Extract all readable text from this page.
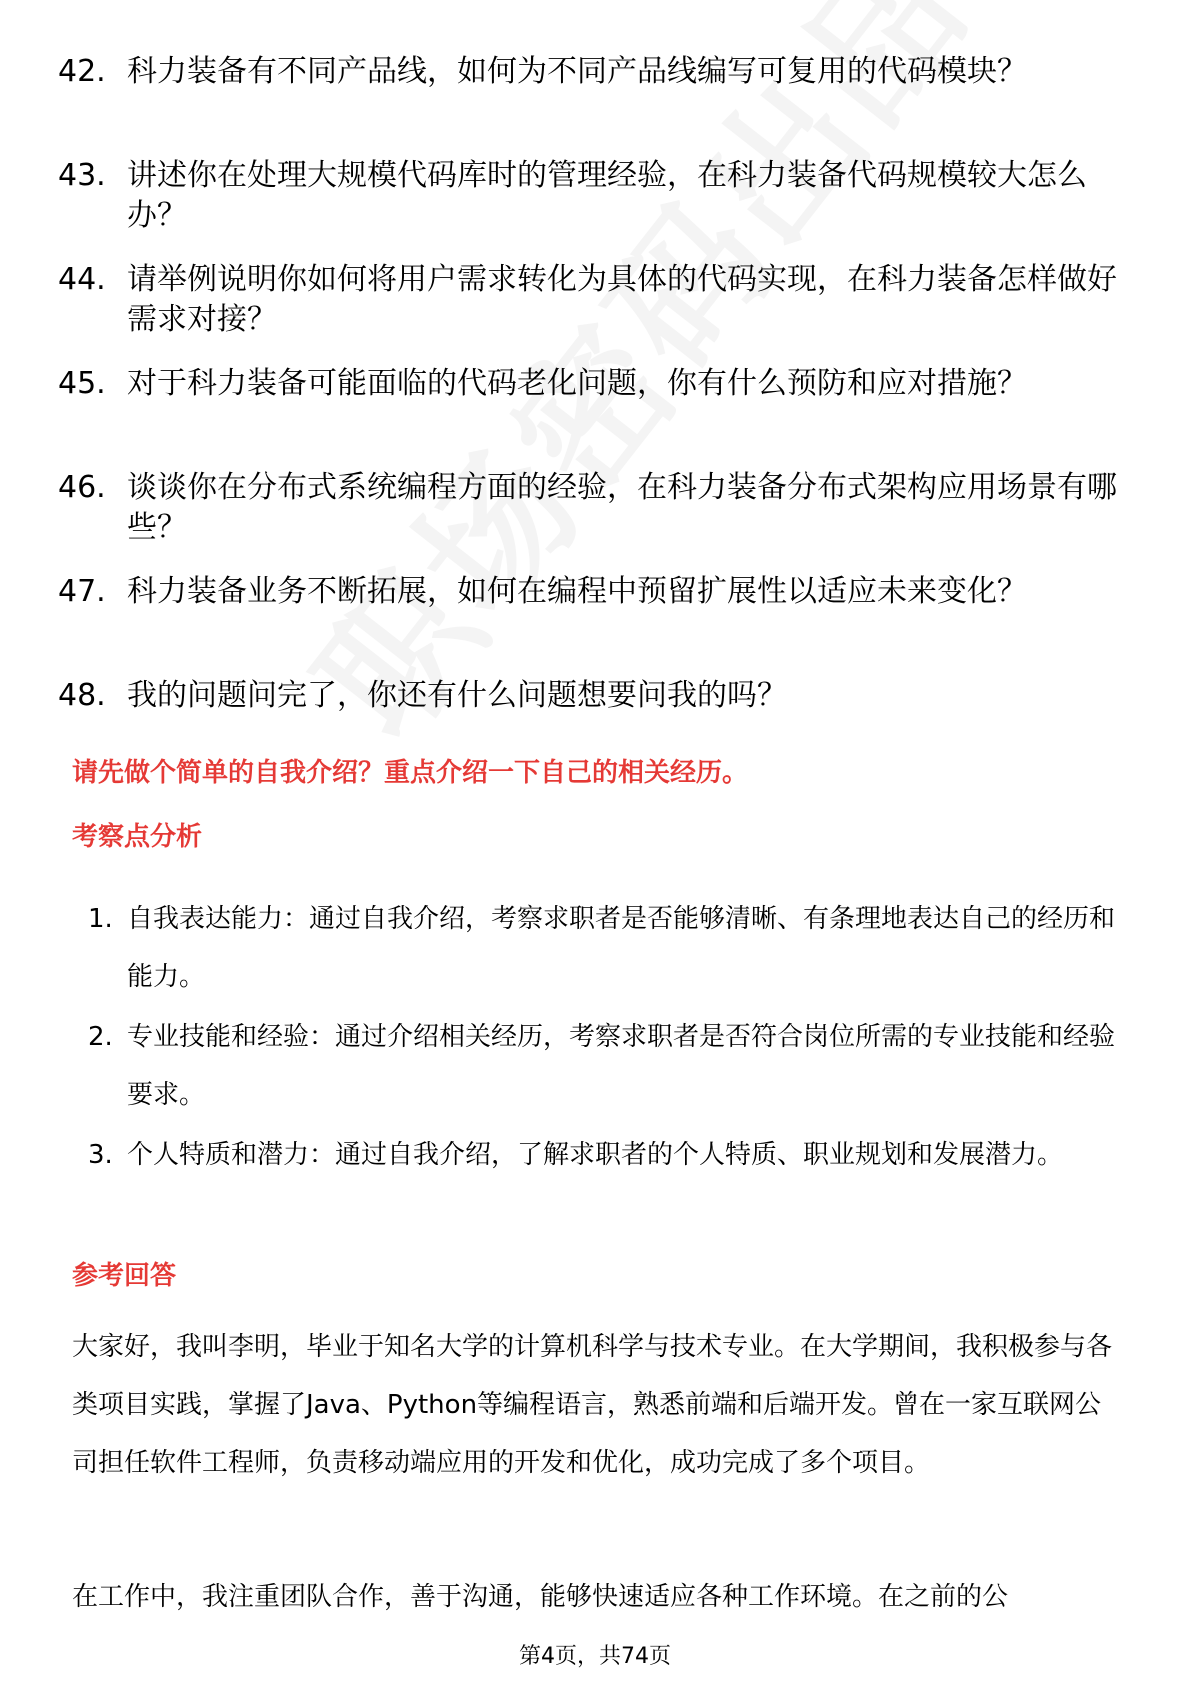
42. 科力装备有不同产品线，如何为不同产品线编写可复用的代码模块？
43. 讲述你在处理大规模代码库时的管理经验，在科力装备代码规模较大怎么办？
44. 请举例说明你如何将用户需求转化为具体的代码实现，在科力装备怎样做好需求对接？
45. 对于科力装备可能面临的代码老化问题，你有什么预防和应对措施？
46. 谈谈你在分布式系统编程方面的经验，在科力装备分布式架构应用场景有哪些？
47. 科力装备业务不断拓展，如何在编程中预留扩展性以适应未来变化？
48. 我的问题问完了，你还有什么问题想要问我的吗？
请先做个简单的自我介绍？重点介绍一下自己的相关经历。
考察点分析
1. 自我表达能力：通过自我介绍，考察求职者是否能够清晰、有条理地表达自己的经历和能力。
2. 专业技能和经验：通过介绍相关经历，考察求职者是否符合岗位所需的专业技能和经验要求。
3. 个人特质和潜力：通过自我介绍，了解求职者的个人特质、职业规划和发展潜力。
参考回答
大家好，我叫李明，毕业于知名大学的计算机科学与技术专业。在大学期间，我积极参与各类项目实践，掌握了Java、Python等编程语言，熟悉前端和后端开发。曾在一家互联网公司担任软件工程师，负责移动端应用的开发和优化，成功完成了多个项目。
在工作中，我注重团队合作，善于沟通，能够快速适应各种工作环境。在之前的公
第4页，共74页
